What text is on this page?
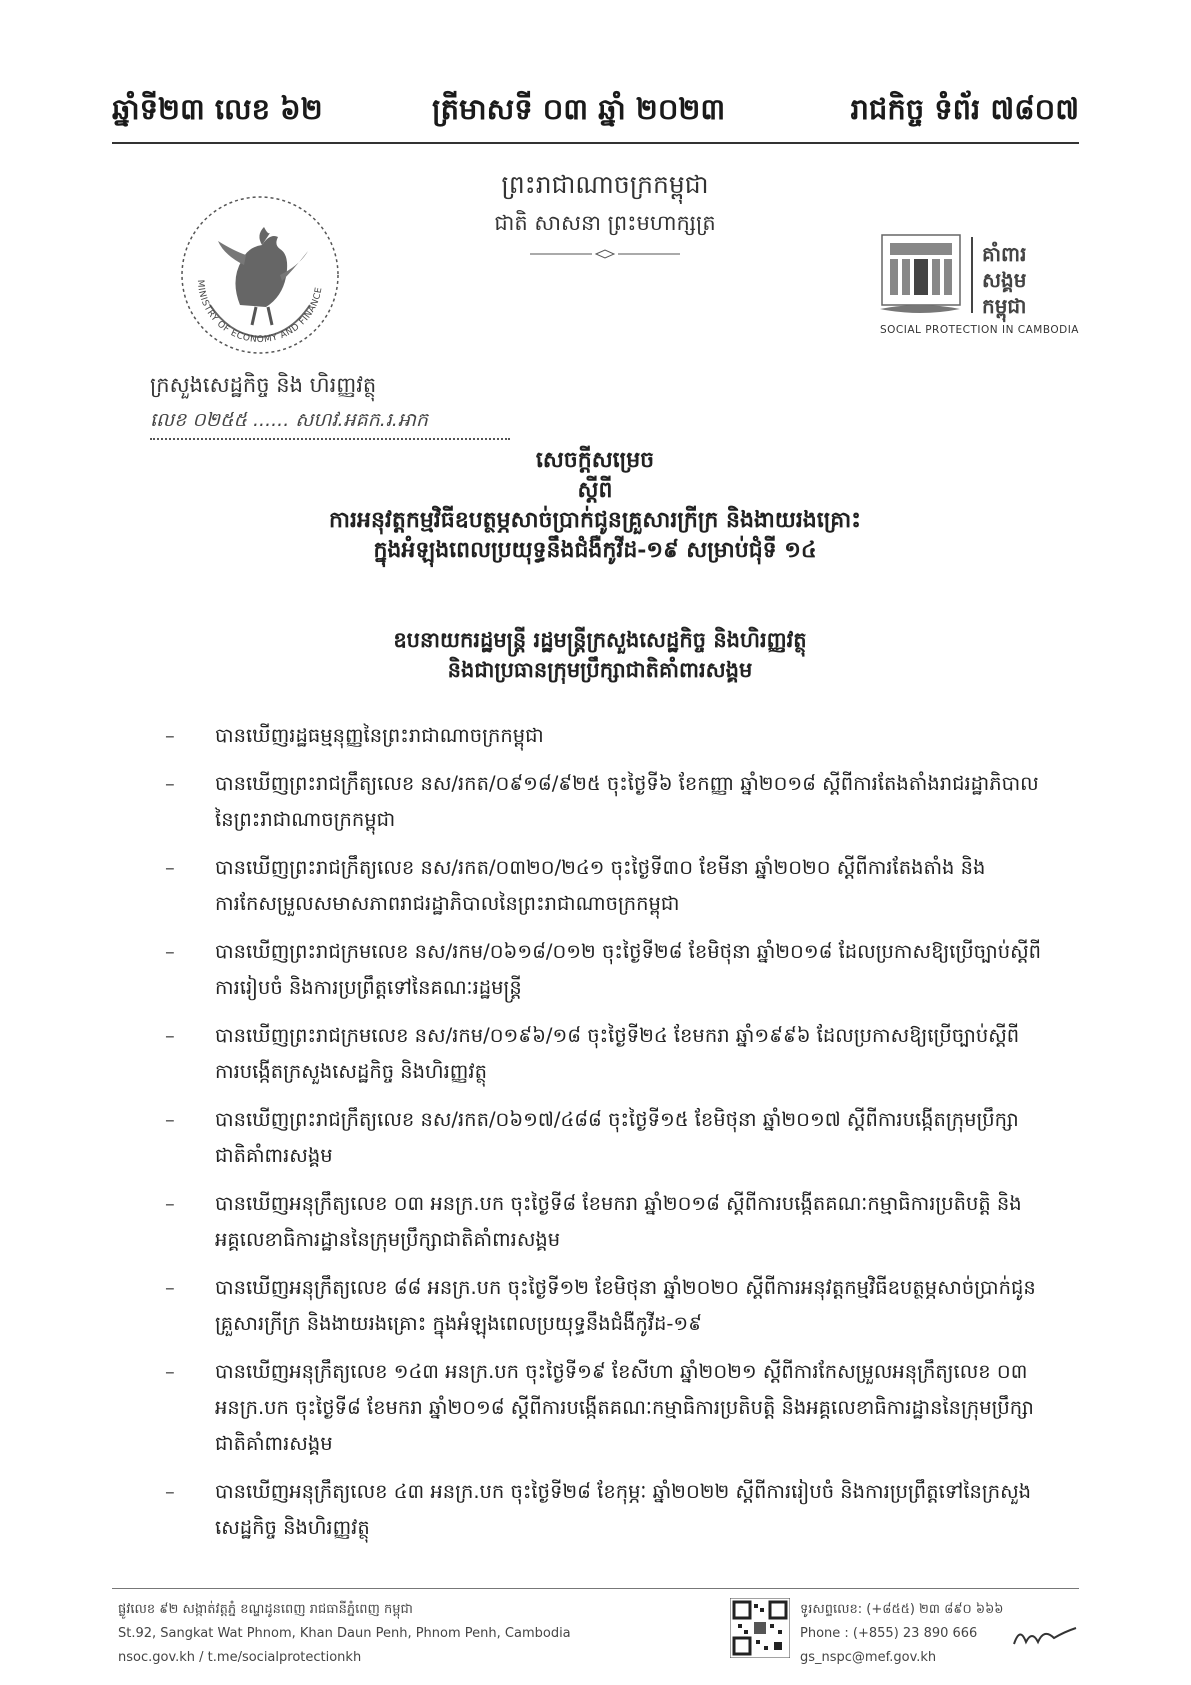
ឆ្នាំទី២៣ លេខ ៦២	ត្រីមាសទី ០៣ ឆ្នាំ ២០២៣	រាជកិច្ច ទំព័រ ៧៨០៧
ព្រះរាជាណាចក្រកម្ពុជា
ជាតិ សាសនា ព្រះមហាក្សត្រ
MINISTRY OF ECONOMY AND FINANCE
ក្រសួងសេដ្ឋកិច្ច និង ហិរញ្ញវត្ថុ
លេខ ០២៥៥ ...... សហវ.អគក.រ.អាក
គាំពារ
សង្គម
កម្ពុជា
SOCIAL PROTECTION IN CAMBODIA
សេចក្តីសម្រេច
ស្តីពី
ការអនុវត្តកម្មវិធីឧបត្ថម្ភសាច់ប្រាក់ជូនគ្រួសារក្រីក្រ និងងាយរងគ្រោះ
ក្នុងអំឡុងពេលប្រយុទ្ធនឹងជំងឺកូវីដ-១៩ សម្រាប់ជុំទី ១៤
ឧបនាយករដ្ឋមន្ត្រី រដ្ឋមន្ត្រីក្រសួងសេដ្ឋកិច្ច និងហិរញ្ញវត្ថុ
និងជាប្រធានក្រុមប្រឹក្សាជាតិគាំពារសង្គម
– បានឃើញរដ្ឋធម្មនុញ្ញនៃព្រះរាជាណាចក្រកម្ពុជា
– បានឃើញព្រះរាជក្រឹត្យលេខ នស/រកត/០៩១៨/៩២៥ ចុះថ្ងៃទី៦ ខែកញ្ញា ឆ្នាំ២០១៨ ស្តីពីការតែងតាំងរាជរដ្ឋាភិបាលនៃព្រះរាជាណាចក្រកម្ពុជា
– បានឃើញព្រះរាជក្រឹត្យលេខ នស/រកត/០៣២០/២៤១ ចុះថ្ងៃទី៣០ ខែមីនា ឆ្នាំ២០២០ ស្តីពីការតែងតាំង និងការកែសម្រួលសមាសភាពរាជរដ្ឋាភិបាលនៃព្រះរាជាណាចក្រកម្ពុជា
– បានឃើញព្រះរាជក្រមលេខ នស/រកម/០៦១៨/០១២ ចុះថ្ងៃទី២៨ ខែមិថុនា ឆ្នាំ២០១៨ ដែលប្រកាសឱ្យប្រើច្បាប់ស្តីពីការរៀបចំ និងការប្រព្រឹត្តទៅនៃគណៈរដ្ឋមន្ត្រី
– បានឃើញព្រះរាជក្រមលេខ នស/រកម/០១៩៦/១៨ ចុះថ្ងៃទី២៤ ខែមករា ឆ្នាំ១៩៩៦ ដែលប្រកាសឱ្យប្រើច្បាប់ស្តីពី ការបង្កើតក្រសួងសេដ្ឋកិច្ច និងហិរញ្ញវត្ថុ
– បានឃើញព្រះរាជក្រឹត្យលេខ នស/រកត/០៦១៧/៤៨៨ ចុះថ្ងៃទី១៥ ខែមិថុនា ឆ្នាំ២០១៧ ស្តីពីការបង្កើតក្រុមប្រឹក្សាជាតិគាំពារសង្គម
– បានឃើញអនុក្រឹត្យលេខ ០៣ អនក្រ.បក ចុះថ្ងៃទី៨ ខែមករា ឆ្នាំ២០១៨ ស្តីពីការបង្កើតគណៈកម្មាធិការប្រតិបត្តិ និងអគ្គលេខាធិការដ្ឋាននៃក្រុមប្រឹក្សាជាតិគាំពារសង្គម
– បានឃើញអនុក្រឹត្យលេខ ៨៨ អនក្រ.បក ចុះថ្ងៃទី១២ ខែមិថុនា ឆ្នាំ២០២០ ស្តីពីការអនុវត្តកម្មវិធីឧបត្ថម្ភសាច់ប្រាក់ជូនគ្រួសារក្រីក្រ និងងាយរងគ្រោះ ក្នុងអំឡុងពេលប្រយុទ្ធនឹងជំងឺកូវីដ-១៩
– បានឃើញអនុក្រឹត្យលេខ ១៤៣ អនក្រ.បក ចុះថ្ងៃទី១៩ ខែសីហា ឆ្នាំ២០២១ ស្តីពីការកែសម្រួលអនុក្រឹត្យលេខ ០៣ អនក្រ.បក ចុះថ្ងៃទី៨ ខែមករា ឆ្នាំ២០១៨ ស្តីពីការបង្កើតគណៈកម្មាធិការប្រតិបត្តិ និងអគ្គលេខាធិការដ្ឋាននៃក្រុមប្រឹក្សាជាតិគាំពារសង្គម
– បានឃើញអនុក្រឹត្យលេខ ៤៣ អនក្រ.បក ចុះថ្ងៃទី២៨ ខែកុម្ភៈ ឆ្នាំ២០២២ ស្តីពីការរៀបចំ និងការប្រព្រឹត្តទៅនៃក្រសួងសេដ្ឋកិច្ច និងហិរញ្ញវត្ថុ
ផ្លូវលេខ ៩២ សង្កាត់វត្តភ្នំ ខណ្ឌដូនពេញ រាជធានីភ្នំពេញ កម្ពុជា
St.92, Sangkat Wat Phnom, Khan Daun Penh, Phnom Penh, Cambodia
nsoc.gov.kh / t.me/socialprotectionkh
ទូរសព្ទលេខ: (+៨៥៥) ២៣ ៨៩០ ៦៦៦
Phone : (+855) 23 890 666
gs_nspc@mef.gov.kh
